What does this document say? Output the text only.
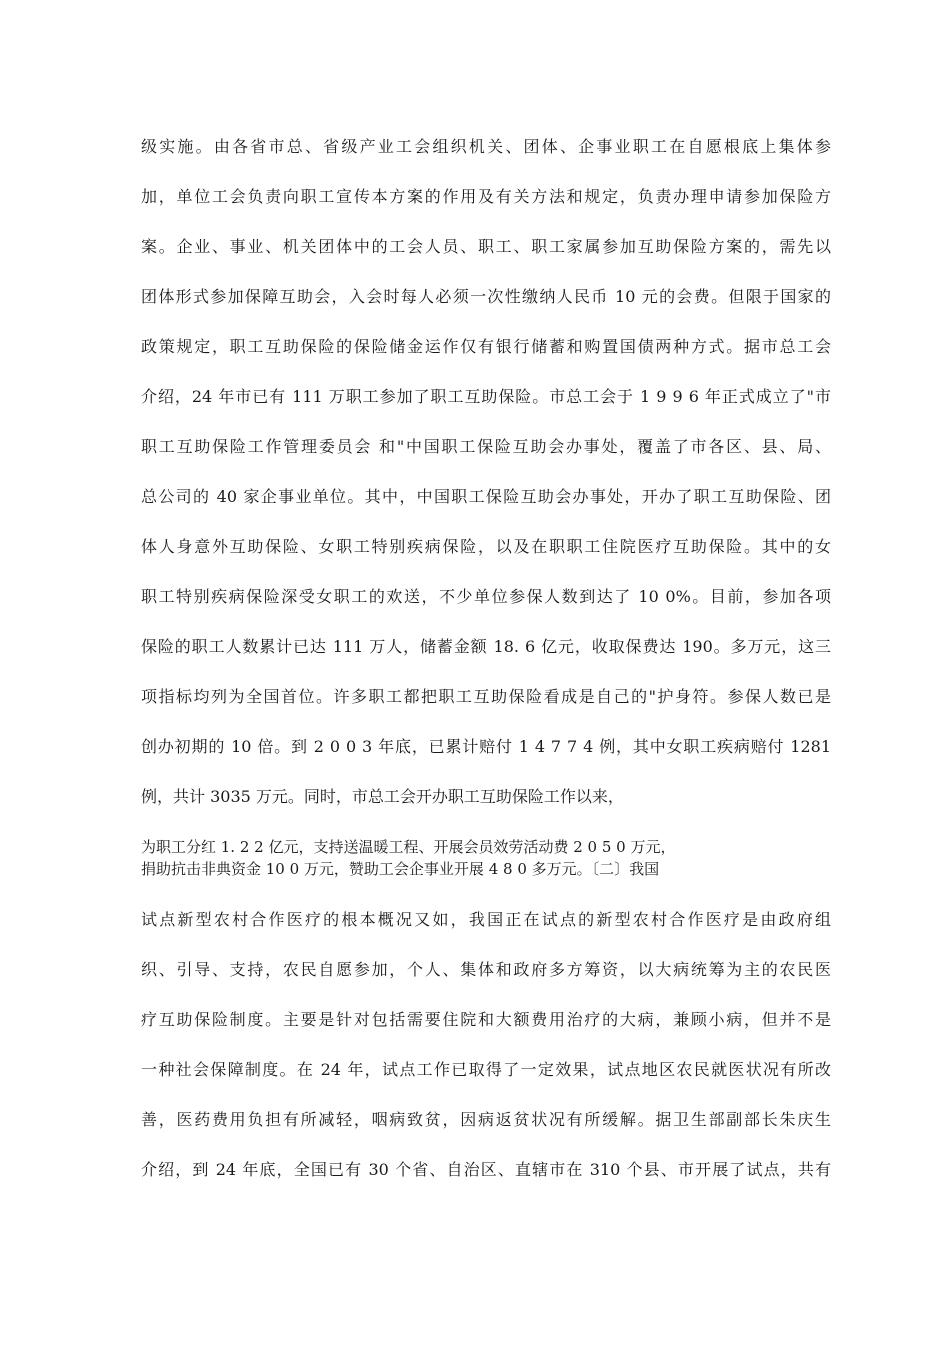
级实施。由各省市总、省级产业工会组织机关、团体、企事业职工在自愿根底上集体参
加，单位工会负责向职工宣传本方案的作用及有关方法和规定，负责办理申请参加保险方
案。企业、事业、机关团体中的工会人员、职工、职工家属参加互助保险方案的，需先以
团体形式参加保障互助会，入会时每人必须一次性缴纳人民币 10 元的会费。但限于国家的
政策规定，职工互助保险的保险储金运作仅有银行储蓄和购置国债两种方式。据市总工会
介绍，24 年市已有 111 万职工参加了职工互助保险。市总工会于 1 9 9 6 年正式成立了"市
职工互助保险工作管理委员会 和"中国职工保险互助会办事处，覆盖了市各区、县、局、
总公司的 40 家企事业单位。其中，中国职工保险互助会办事处，开办了职工互助保险、团
体人身意外互助保险、女职工特别疾病保险，以及在职职工住院医疗互助保险。其中的女
职工特别疾病保险深受女职工的欢送，不少单位参保人数到达了 10 0%。目前，参加各项
保险的职工人数累计已达 111 万人，储蓄金额 18. 6 亿元，收取保费达 190。多万元，这三
项指标均列为全国首位。许多职工都把职工互助保险看成是自己的"护身符。参保人数已是
创办初期的 10 倍。到 2 0 0 3 年底，已累计赔付 1 4 7 7 4 例，其中女职工疾病赔付 1281
例，共计 3035 万元。同时，市总工会开办职工互助保险工作以来，
为职工分红 1. 2 2 亿元，支持送温暖工程、开展会员效劳活动费 2 0 5 0 万元，
捐助抗击非典资金 10 0 万元，赞助工会企事业开展 4 8 0 多万元。〔二〕我国
试点新型农村合作医疗的根本概况又如，我国正在试点的新型农村合作医疗是由政府组
织、引导、支持，农民自愿参加，个人、集体和政府多方筹资，以大病统筹为主的农民医
疗互助保险制度。主要是针对包括需要住院和大额费用治疗的大病，兼顾小病，但并不是
一种社会保障制度。在 24 年，试点工作已取得了一定效果，试点地区农民就医状况有所改
善，医药费用负担有所减轻，咽病致贫，因病返贫状况有所缓解。据卫生部副部长朱庆生
介绍，到 24 年底，全国已有 30 个省、自治区、直辖市在 310 个县、市开展了试点，共有
